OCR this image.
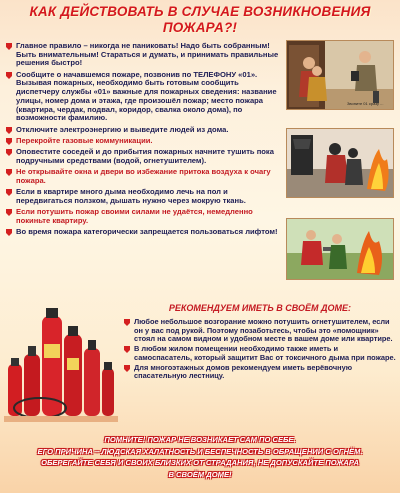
КАК ДЕЙСТВОВАТЬ В СЛУЧАЕ ВОЗНИКНОВЕНИЯ
ПОЖАРА?!
Главное правило – никогда не паниковать! Надо быть собранным! Быть внимательным! Стараться и думать, и принимать правильные решения быстро!
Сообщите о начавшемся пожаре, позвонив по ТЕЛЕФОНУ «01». Вызывая пожарных, необходимо быть готовым сообщить диспетчеру службы «01» важные для пожарных сведения: название улицы, номер дома и этажа, где произошёл пожар; место пожара (квартира, чердак, подвал, коридор, свалка около дома), по возможности фамилию.
Отключите электроэнергию и выведите людей из дома.
Перекройте газовые коммуникации.
Оповестите соседей и до прибытия пожарных начните тушить пока подручными средствами (водой, огнетушителем).
Не открывайте окна и двери во избежание притока воздуха к очагу пожара.
Если в квартире много дыма необходимо лечь на пол и передвигаться ползком, дышать нужно через мокрую ткань.
Если потушить пожар своими силами не удаётся, немедленно покиньте квартиру.
Во время пожара категорически запрещается пользоваться лифтом!
Звоните 01 сразу ...
РЕКОМЕНДУЕМ ИМЕТЬ В СВОЁМ ДОМЕ:
Любое небольшое возгорание можно потушить огнетушителем, если он у вас под рукой. Поэтому позаботьтесь, чтобы это «помощник» стоял на самом видном и удобном месте в вашем доме или квартире.
В любом жилом помещении необходимо также иметь и самоспасатель, который защитит Вас от токсичного дыма при пожаре.
Для многоэтажных домов рекомендуем иметь верёвочную спасательную лестницу.
ПОМНИТЕ! ПОЖАР НЕ ВОЗНИКАЕТ САМ ПО СЕБЕ.
ЕГО ПРИЧИНА – ЛЮДСКАЯ ХАЛАТНОСТЬ И БЕСПЕЧНОСТЬ В ОБРАЩЕНИИ С ОГНЁМ.
ОБЕРЕГАЙТЕ СЕБЯ И СВОИХ БЛИЗКИХ ОТ СТРАДАНИЯ, НЕ ДОПУСКАЙТЕ ПОЖАРА
В СВОЁМ ДОМЕ!
